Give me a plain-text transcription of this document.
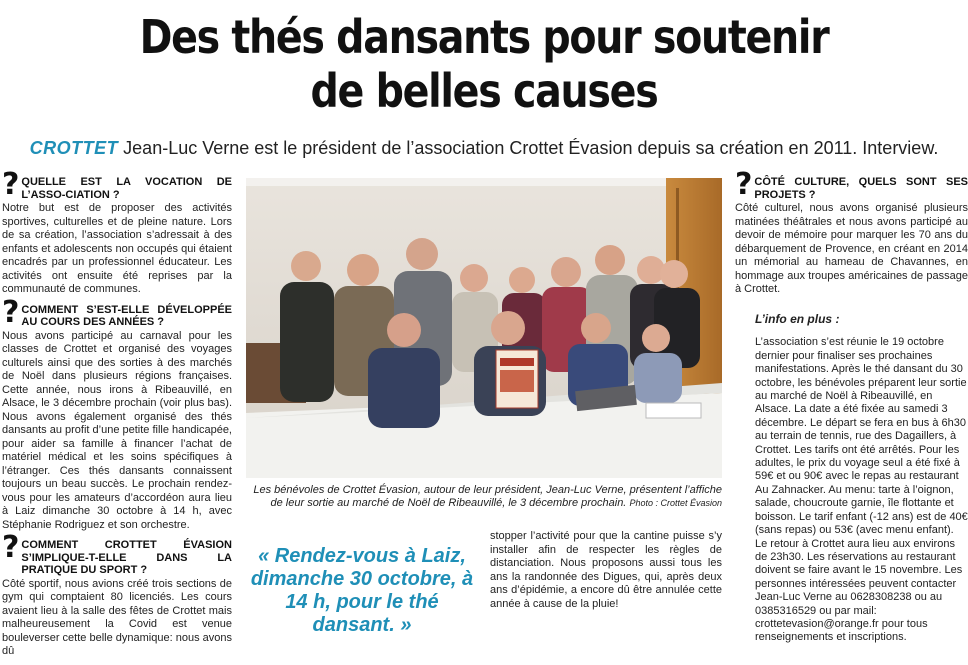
Des thés dansants pour soutenir
de belles causes
CROTTET Jean-Luc Verne est le président de l’association Crottet Évasion depuis sa création en 2011. Interview.
? QUELLE EST LA VOCATION DE L’ASSO-CIATION ?
Notre but est de proposer des activités sportives, culturelles et de pleine nature. Lors de sa création, l’association s’adressait à des enfants et adolescents non occupés qui étaient encadrés par un professionnel éducateur. Les activités ont ensuite été reprises par la communauté de communes.
? COMMENT S’EST-ELLE DÉVELOPPÉE AU COURS DES ANNÉES ?
Nous avons participé au carnaval pour les classes de Crottet et organisé des voyages culturels ainsi que des sorties à des marchés de Noël dans plusieurs régions françaises. Cette année, nous irons à Ribeauvillé, en Alsace, le 3 décembre prochain (voir plus bas). Nous avons également organisé des thés dansants au profit d’une petite fille handicapée, pour aider sa famille à financer l’achat de matériel médical et les soins spécifiques à l’étranger. Ces thés dansants connaissent toujours un beau succès. Le prochain rendez-vous pour les amateurs d’accordéon aura lieu à Laiz dimanche 30 octobre à 14 h, avec Stéphanie Rodriguez et son orchestre.
? COMMENT CROTTET ÉVASION S’IMPLIQUE-T-ELLE DANS LA PRATIQUE DU SPORT ?
Côté sportif, nous avions créé trois sections de gym qui comptaient 80 licenciés. Les cours avaient lieu à la salle des fêtes de Crottet mais malheureusement la Covid est venue bouleverser cette belle dynamique: nous avons dû
Les bénévoles de Crottet Évasion, autour de leur président, Jean-Luc Verne, présentent l’affiche de leur sortie au marché de Noël de Ribeauvillé, le 3 décembre prochain. Photo : Crottet Évasion
« Rendez-vous à Laiz, dimanche 30 octobre, à 14 h, pour le thé dansant. »
stopper l’activité pour que la cantine puisse s’y installer afin de respecter les règles de distanciation. Nous proposons aussi tous les ans la randonnée des Digues, qui, après deux ans d’épidémie, a encore dû être annulée cette année à cause de la pluie!
? CÔTÉ CULTURE, QUELS SONT SES PROJETS ?
Côté culturel, nous avons organisé plusieurs matinées théâtrales et nous avons participé au devoir de mémoire pour marquer les 70 ans du débarquement de Provence, en créant en 2014 un mémorial au hameau de Chavannes, en hommage aux troupes américaines de passage à Crottet.
L’info en plus :
L’association s’est réunie le 19 octobre dernier pour finaliser ses prochaines manifestations. Après le thé dansant du 30 octobre, les bénévoles préparent leur sortie au marché de Noël à Ribeauvillé, en Alsace. La date a été fixée au samedi 3 décembre. Le départ se fera en bus à 6h30 au terrain de tennis, rue des Dagaillers, à Crottet. Les tarifs ont été arrêtés. Pour les adultes, le prix du voyage seul a été fixé à 59€ et ou 90€ avec le repas au restaurant Au Zahnacker. Au menu: tarte à l’oignon, salade, choucroute garnie, île flottante et boisson. Le tarif enfant (-12 ans) est de 40€ (sans repas) ou 53€ (avec menu enfant). Le retour à Crottet aura lieu aux environs de 23h30. Les réservations au restaurant doivent se faire avant le 15 novembre. Les personnes intéressées peuvent contacter Jean-Luc Verne au 0628308238 ou au 0385316529 ou par mail: crottetevasion@orange.fr pour tous renseignements et inscriptions.
